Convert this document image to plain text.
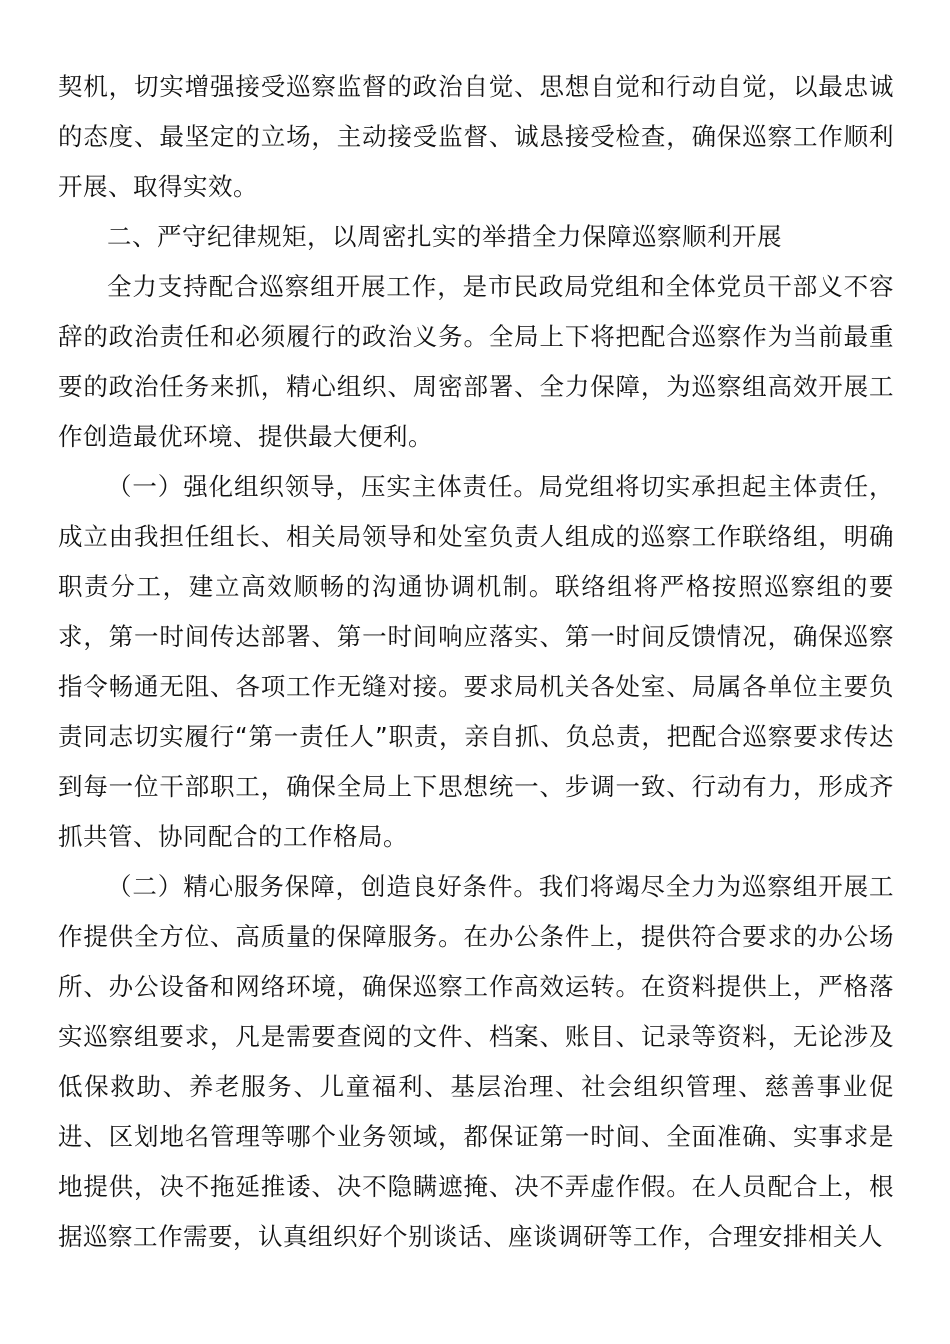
契机，切实增强接受巡察监督的政治自觉、思想自觉和行动自觉，以最忠诚的态度、最坚定的立场，主动接受监督、诚恳接受检查，确保巡察工作顺利开展、取得实效。

二、严守纪律规矩，以周密扎实的举措全力保障巡察顺利开展

全力支持配合巡察组开展工作，是市民政局党组和全体党员干部义不容辞的政治责任和必须履行的政治义务。全局上下将把配合巡察作为当前最重要的政治任务来抓，精心组织、周密部署、全力保障，为巡察组高效开展工作创造最优环境、提供最大便利。

（一）强化组织领导，压实主体责任。局党组将切实承担起主体责任，成立由我担任组长、相关局领导和处室负责人组成的巡察工作联络组，明确职责分工，建立高效顺畅的沟通协调机制。联络组将严格按照巡察组的要求，第一时间传达部署、第一时间响应落实、第一时间反馈情况，确保巡察指令畅通无阻、各项工作无缝对接。要求局机关各处室、局属各单位主要负责同志切实履行“第一责任人”职责，亲自抓、负总责，把配合巡察要求传达到每一位干部职工，确保全局上下思想统一、步调一致、行动有力，形成齐抓共管、协同配合的工作格局。

（二）精心服务保障，创造良好条件。我们将竭尽全力为巡察组开展工作提供全方位、高质量的保障服务。在办公条件上，提供符合要求的办公场所、办公设备和网络环境，确保巡察工作高效运转。在资料提供上，严格落实巡察组要求，凡是需要查阅的文件、档案、账目、记录等资料，无论涉及低保救助、养老服务、儿童福利、基层治理、社会组织管理、慈善事业促进、区划地名管理等哪个业务领域，都保证第一时间、全面准确、实事求是地提供，决不拖延推诿、决不隐瞒遮掩、决不弄虚作假。在人员配合上，根据巡察工作需要，认真组织好个别谈话、座谈调研等工作，合理安排相关人
